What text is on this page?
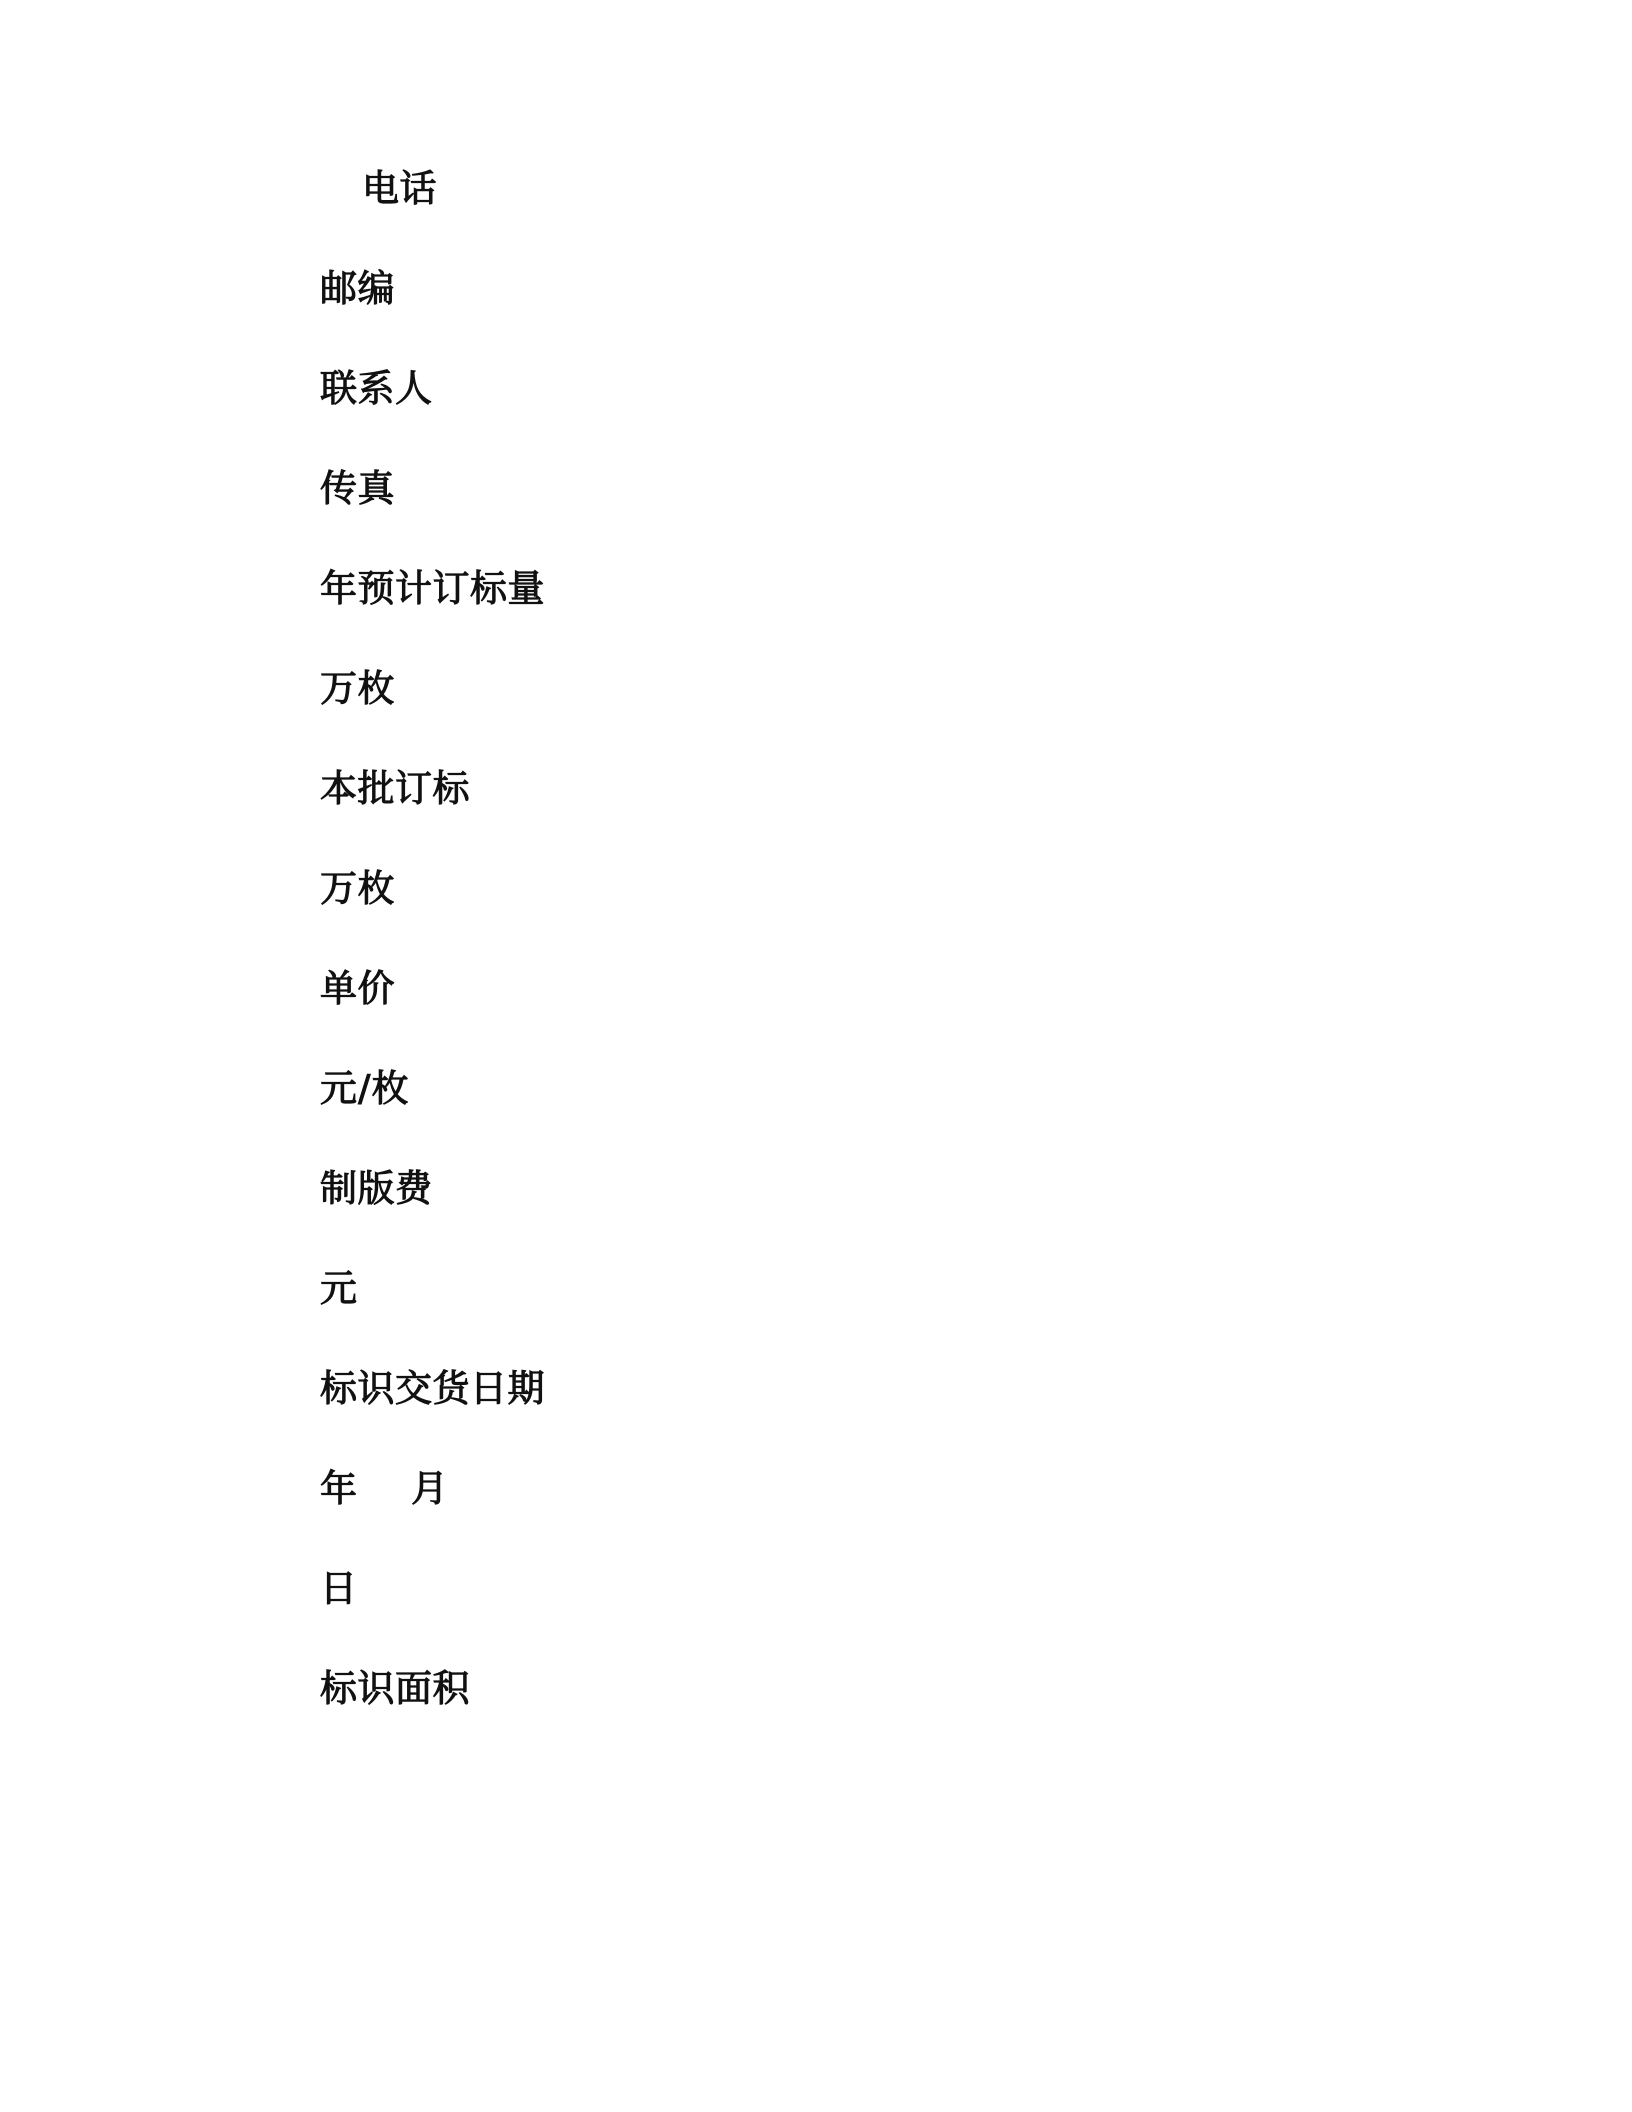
电话

邮编

联系人

传真

年预计订标量

万枚

本批订标

万枚

单价

元/枚

制版费

元

标识交货日期

年    月

日

标识面积
